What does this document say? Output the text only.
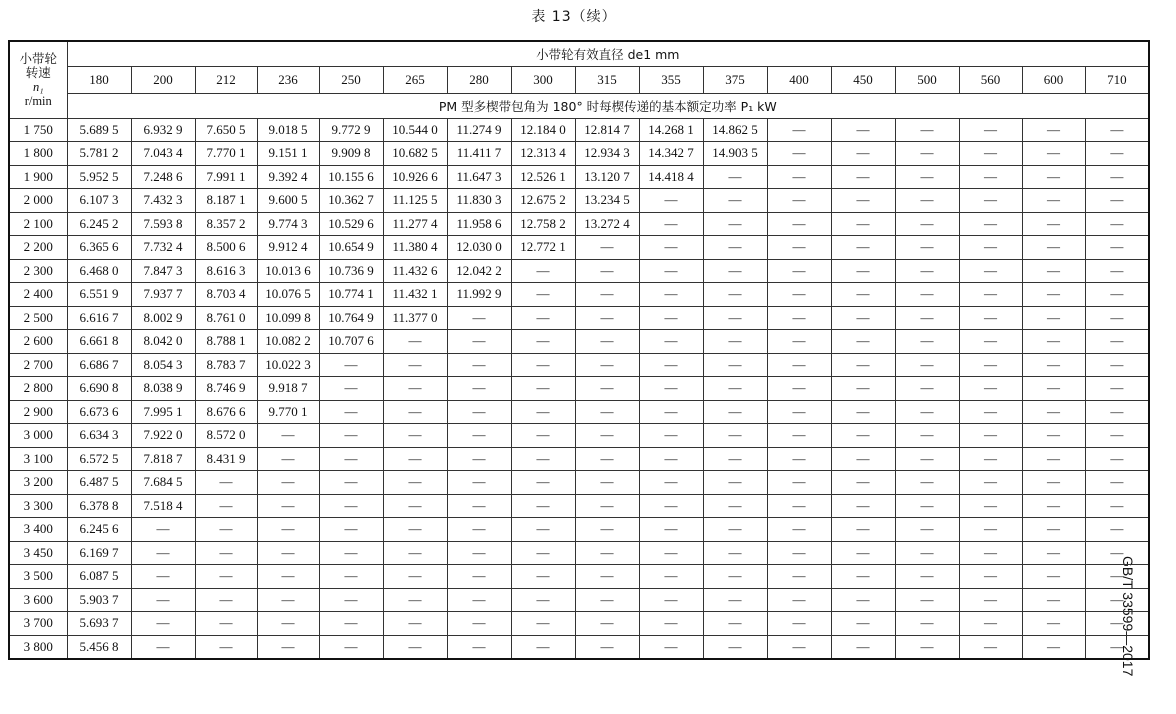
表 13（续）
GB/T 33599—2017
小带轮
转速
n₁
r/min	小带轮有效直径 de1 mm																
	180	200	212	236	250	265	280	300	315	355	375	400	450	500	560	600	710
	PM 型多楔带包角为 180° 时每楔传递的基本额定功率 P₁ kW																
1 750	5.689 5	6.932 9	7.650 5	9.018 5	9.772 9	10.544 0	11.274 9	12.184 0	12.814 7	14.268 1	14.862 5	—	—	—	—	—	—
1 800	5.781 2	7.043 4	7.770 1	9.151 1	9.909 8	10.682 5	11.411 7	12.313 4	12.934 3	14.342 7	14.903 5	—	—	—	—	—	—
1 900	5.952 5	7.248 6	7.991 1	9.392 4	10.155 6	10.926 6	11.647 3	12.526 1	13.120 7	14.418 4	—	—	—	—	—	—	—
2 000	6.107 3	7.432 3	8.187 1	9.600 5	10.362 7	11.125 5	11.830 3	12.675 2	13.234 5	—	—	—	—	—	—	—	—
2 100	6.245 2	7.593 8	8.357 2	9.774 3	10.529 6	11.277 4	11.958 6	12.758 2	13.272 4	—	—	—	—	—	—	—	—
2 200	6.365 6	7.732 4	8.500 6	9.912 4	10.654 9	11.380 4	12.030 0	12.772 1	—	—	—	—	—	—	—	—	—
2 300	6.468 0	7.847 3	8.616 3	10.013 6	10.736 9	11.432 6	12.042 2	—	—	—	—	—	—	—	—	—	—
2 400	6.551 9	7.937 7	8.703 4	10.076 5	10.774 1	11.432 1	11.992 9	—	—	—	—	—	—	—	—	—	—
2 500	6.616 7	8.002 9	8.761 0	10.099 8	10.764 9	11.377 0	—	—	—	—	—	—	—	—	—	—	—
2 600	6.661 8	8.042 0	8.788 1	10.082 2	10.707 6	—	—	—	—	—	—	—	—	—	—	—	—
2 700	6.686 7	8.054 3	8.783 7	10.022 3	—	—	—	—	—	—	—	—	—	—	—	—	—
2 800	6.690 8	8.038 9	8.746 9	9.918 7	—	—	—	—	—	—	—	—	—	—	—	—	—
2 900	6.673 6	7.995 1	8.676 6	9.770 1	—	—	—	—	—	—	—	—	—	—	—	—	—
3 000	6.634 3	7.922 0	8.572 0	—	—	—	—	—	—	—	—	—	—	—	—	—	—
3 100	6.572 5	7.818 7	8.431 9	—	—	—	—	—	—	—	—	—	—	—	—	—	—
3 200	6.487 5	7.684 5	—	—	—	—	—	—	—	—	—	—	—	—	—	—	—
3 300	6.378 8	7.518 4	—	—	—	—	—	—	—	—	—	—	—	—	—	—	—
3 400	6.245 6	—	—	—	—	—	—	—	—	—	—	—	—	—	—	—	—
3 450	6.169 7	—	—	—	—	—	—	—	—	—	—	—	—	—	—	—	—
3 500	6.087 5	—	—	—	—	—	—	—	—	—	—	—	—	—	—	—	—
3 600	5.903 7	—	—	—	—	—	—	—	—	—	—	—	—	—	—	—	—
3 700	5.693 7	—	—	—	—	—	—	—	—	—	—	—	—	—	—	—	—
3 800	5.456 8	—	—	—	—	—	—	—	—	—	—	—	—	—	—	—	—
